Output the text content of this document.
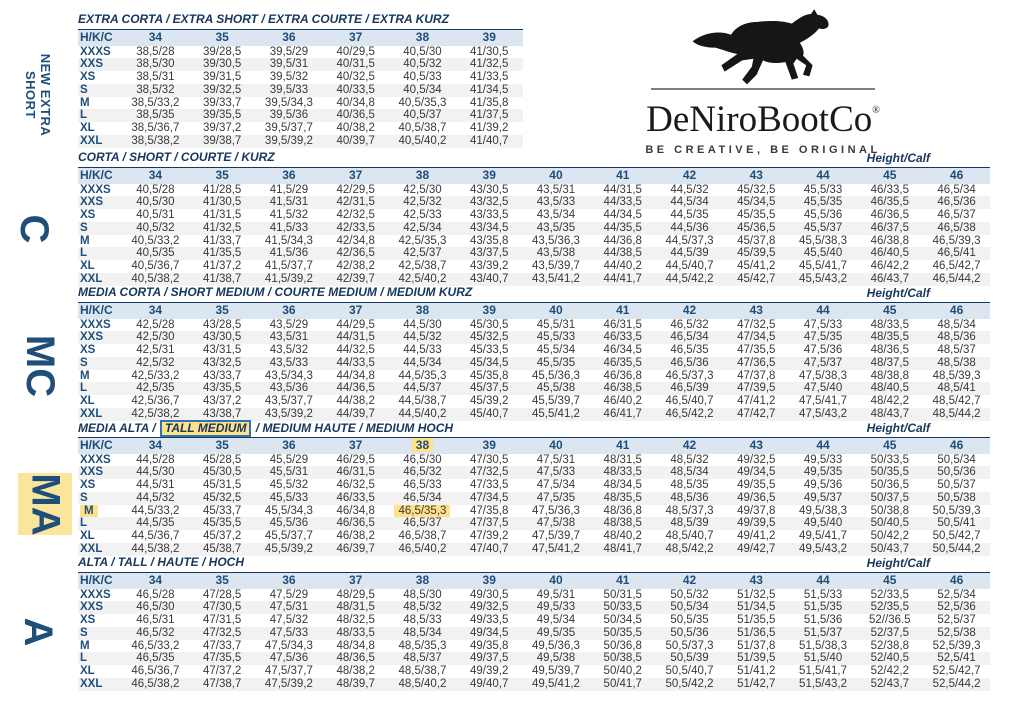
NEW EXTRA
SHORT
C
MC
MA
A
DeNiroBootCo®
BE CREATIVE, BE ORIGINAL
EXTRA CORTA / EXTRA SHORT / EXTRA COURTE / EXTRA KURZ
H/K/C	34	35	36	37	38	39
XXXS	38,5/28	39/28,5	39,5/29	40/29,5	40,5/30	41/30,5
XXS	38,5/30	39/30,5	39,5/31	40/31,5	40,5/32	41/32,5
XS	38,5/31	39/31,5	39,5/32	40/32,5	40,5/33	41/33,5
S	38,5/32	39/32,5	39,5/33	40/33,5	40,5/34	41/34,5
M	38,5/33,2	39/33,7	39,5/34,3	40/34,8	40,5/35,3	41/35,8
L	38,5/35	39/35,5	39,5/36	40/36,5	40,5/37	41/37,5
XL	38,5/36,7	39/37,2	39,5/37,7	40/38,2	40,5/38,7	41/39,2
XXL	38,5/38,2	39/38,7	39,5/39,2	40/39,7	40,5/40,2	41/40,7
CORTA / SHORT / COURTE / KURZ	Height/Calf
H/K/C	34	35	36	37	38	39	40	41	42	43	44	45	46
XXXS	40,5/28	41/28,5	41,5/29	42/29,5	42,5/30	43/30,5	43,5/31	44/31,5	44,5/32	45/32,5	45,5/33	46/33,5	46,5/34
XXS	40,5/30	41/30,5	41,5/31	42/31,5	42,5/32	43/32,5	43,5/33	44/33,5	44,5/34	45/34,5	45,5/35	46/35,5	46,5/36
XS	40,5/31	41/31,5	41,5/32	42/32,5	42,5/33	43/33,5	43,5/34	44/34,5	44,5/35	45/35,5	45,5/36	46/36,5	46,5/37
S	40,5/32	41/32,5	41,5/33	42/33,5	42,5/34	43/34,5	43,5/35	44/35,5	44,5/36	45/36,5	45,5/37	46/37,5	46,5/38
M	40,5/33,2	41/33,7	41,5/34,3	42/34,8	42,5/35,3	43/35,8	43,5/36,3	44/36,8	44,5/37,3	45/37,8	45,5/38,3	46/38,8	46,5/39,3
L	40,5/35	41/35,5	41,5/36	42/36,5	42,5/37	43/37,5	43,5/38	44/38,5	44,5/39	45/39,5	45,5/40	46/40,5	46,5/41
XL	40,5/36,7	41/37,2	41,5/37,7	42/38,2	42,5/38,7	43/39,2	43,5/39,7	44/40,2	44,5/40,7	45/41,2	45,5/41,7	46/42,2	46,5/42,7
XXL	40,5/38,2	41/38,7	41,5/39,2	42/39,7	42,5/40,2	43/40,7	43,5/41,2	44/41,7	44,5/42,2	45/42,7	45,5/43,2	46/43,7	46,5/44,2
MEDIA CORTA / SHORT MEDIUM / COURTE MEDIUM / MEDIUM KURZ	Height/Calf
H/K/C	34	35	36	37	38	39	40	41	42	43	44	45	46
XXXS	42,5/28	43/28,5	43,5/29	44/29,5	44,5/30	45/30,5	45,5/31	46/31,5	46,5/32	47/32,5	47,5/33	48/33,5	48,5/34
XXS	42,5/30	43/30,5	43,5/31	44/31,5	44,5/32	45/32,5	45,5/33	46/33,5	46,5/34	47/34,5	47,5/35	48/35,5	48,5/36
XS	42,5/31	43/31,5	43,5/32	44/32,5	44,5/33	45/33,5	45,5/34	46/34,5	46,5/35	47/35,5	47,5/36	48/36,5	48,5/37
S	42,5/32	43/32,5	43,5/33	44/33,5	44,5/34	45/34,5	45,5/35	46/35,5	46,5/36	47/36,5	47,5/37	48/37,5	48,5/38
M	42,5/33,2	43/33,7	43,5/34,3	44/34,8	44,5/35,3	45/35,8	45,5/36,3	46/36,8	46,5/37,3	47/37,8	47,5/38,3	48/38,8	48,5/39,3
L	42,5/35	43/35,5	43,5/36	44/36,5	44,5/37	45/37,5	45,5/38	46/38,5	46,5/39	47/39,5	47,5/40	48/40,5	48,5/41
XL	42,5/36,7	43/37,2	43,5/37,7	44/38,2	44,5/38,7	45/39,2	45,5/39,7	46/40,2	46,5/40,7	47/41,2	47,5/41,7	48/42,2	48,5/42,7
XXL	42,5/38,2	43/38,7	43,5/39,2	44/39,7	44,5/40,2	45/40,7	45,5/41,2	46/41,7	46,5/42,2	47/42,7	47,5/43,2	48/43,7	48,5/44,2
MEDIA ALTA / TALL MEDIUM / MEDIUM HAUTE / MEDIUM HOCH	Height/Calf
H/K/C	34	35	36	37	38	39	40	41	42	43	44	45	46
XXXS	44,5/28	45/28,5	45,5/29	46/29,5	46,5/30	47/30,5	47,5/31	48/31,5	48,5/32	49/32,5	49,5/33	50/33,5	50,5/34
XXS	44,5/30	45/30,5	45,5/31	46/31,5	46,5/32	47/32,5	47,5/33	48/33,5	48,5/34	49/34,5	49,5/35	50/35,5	50,5/36
XS	44,5/31	45/31,5	45,5/32	46/32,5	46,5/33	47/33,5	47,5/34	48/34,5	48,5/35	49/35,5	49,5/36	50/36,5	50,5/37
S	44,5/32	45/32,5	45,5/33	46/33,5	46,5/34	47/34,5	47,5/35	48/35,5	48,5/36	49/36,5	49,5/37	50/37,5	50,5/38
M	44,5/33,2	45/33,7	45,5/34,3	46/34,8	46,5/35,3	47/35,8	47,5/36,3	48/36,8	48,5/37,3	49/37,8	49,5/38,3	50/38,8	50,5/39,3
L	44,5/35	45/35,5	45,5/36	46/36,5	46,5/37	47/37,5	47,5/38	48/38,5	48,5/39	49/39,5	49,5/40	50/40,5	50,5/41
XL	44,5/36,7	45/37,2	45,5/37,7	46/38,2	46,5/38,7	47/39,2	47,5/39,7	48/40,2	48,5/40,7	49/41,2	49,5/41,7	50/42,2	50,5/42,7
XXL	44,5/38,2	45/38,7	45,5/39,2	46/39,7	46,5/40,2	47/40,7	47,5/41,2	48/41,7	48,5/42,2	49/42,7	49,5/43,2	50/43,7	50,5/44,2
ALTA / TALL / HAUTE / HOCH	Height/Calf
H/K/C	34	35	36	37	38	39	40	41	42	43	44	45	46
XXXS	46,5/28	47/28,5	47,5/29	48/29,5	48,5/30	49/30,5	49,5/31	50/31,5	50,5/32	51/32,5	51,5/33	52/33,5	52,5/34
XXS	46,5/30	47/30,5	47,5/31	48/31,5	48,5/32	49/32,5	49,5/33	50/33,5	50,5/34	51/34,5	51,5/35	52/35,5	52,5/36
XS	46,5/31	47/31,5	47,5/32	48/32,5	48,5/33	49/33,5	49,5/34	50/34,5	50,5/35	51/35,5	51,5/36	52//36.5	52,5/37
S	46,5/32	47/32,5	47,5/33	48/33,5	48,5/34	49/34,5	49,5/35	50/35,5	50,5/36	51/36,5	51,5/37	52/37,5	52,5/38
M	46,5/33,2	47/33,7	47,5/34,3	48/34,8	48,5/35,3	49/35,8	49,5/36,3	50/36,8	50,5/37,3	51/37,8	51,5/38,3	52/38,8	52,5/39,3
L	46,5/35	47/35,5	47,5/36	48/36,5	48,5/37	49/37,5	49,5/38	50/38,5	50,5/39	51/39,5	51,5/40	52/40,5	52,5/41
XL	46,5/36,7	47/37,2	47,5/37,7	48/38,2	48,5/38,7	49/39,2	49,5/39,7	50/40,2	50,5/40,7	51/41,2	51,5/41,7	52/42,2	52,5/42,7
XXL	46,5/38,2	47/38,7	47,5/39,2	48/39,7	48,5/40,2	49/40,7	49,5/41,2	50/41,7	50,5/42,2	51/42,7	51,5/43,2	52/43,7	52,5/44,2
